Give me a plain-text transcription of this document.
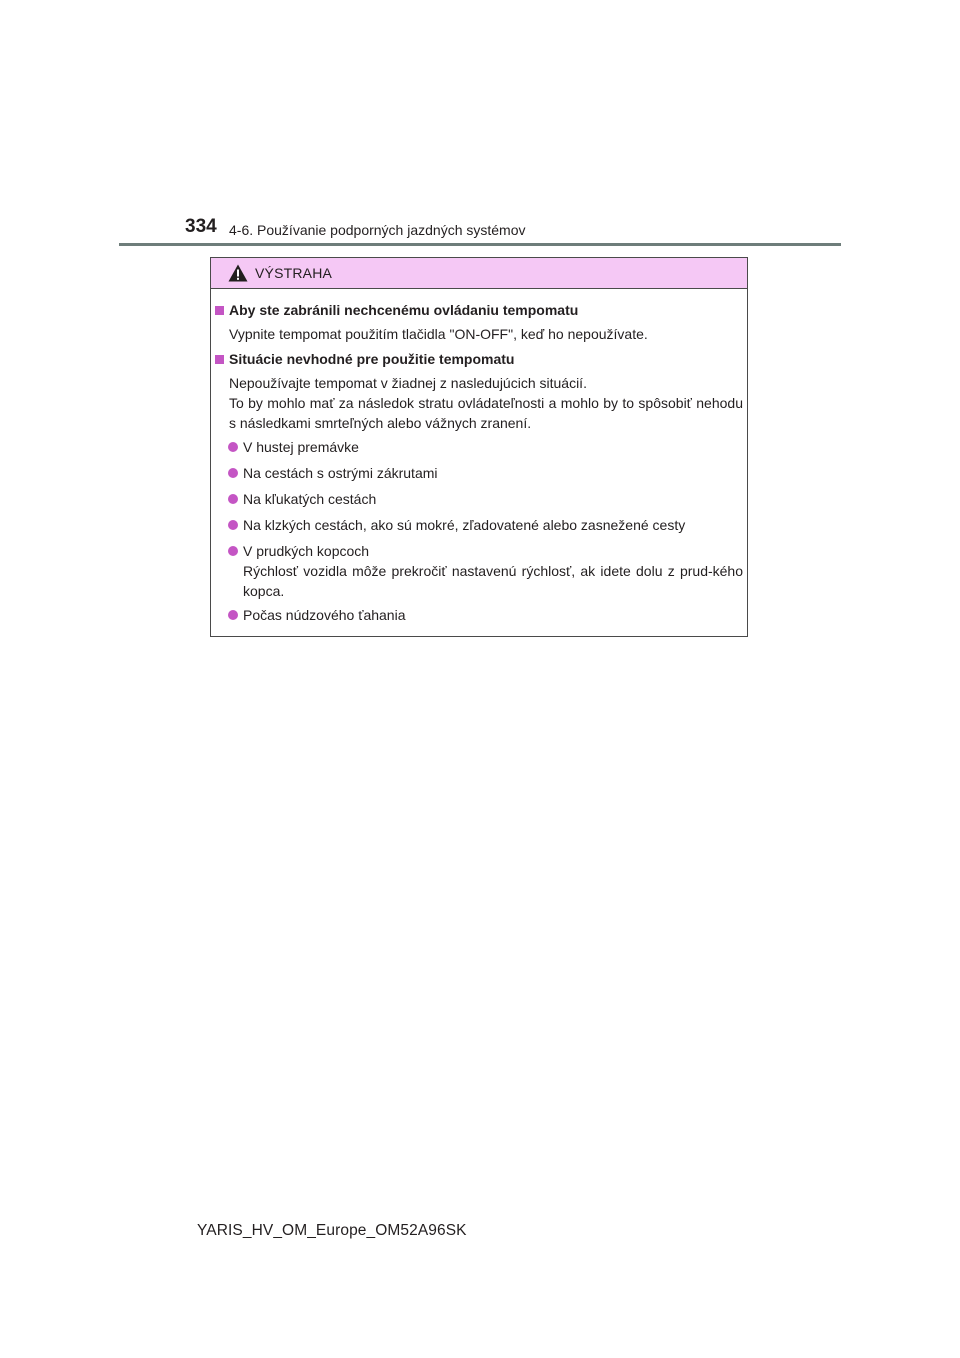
334 4-6. Používanie podporných jazdných systémov
VÝSTRAHA
Aby ste zabránili nechcenému ovládaniu tempomatu
Vypnite tempomat použitím tlačidla "ON-OFF", keď ho nepoužívate.
Situácie nevhodné pre použitie tempomatu
Nepoužívajte tempomat v žiadnej z nasledujúcich situácií.
To by mohlo mať za následok stratu ovládateľnosti a mohlo by to spôsobiť nehodu s následkami smrteľných alebo vážnych zranení.
V hustej premávke
Na cestách s ostrými zákrutami
Na kľukatých cestách
Na klzkých cestách, ako sú mokré, zľadovatené alebo zasnežené cesty
V prudkých kopcoch
Rýchlosť vozidla môže prekročiť nastavenú rýchlosť, ak idete dolu z prud-kého kopca.
Počas núdzového ťahania
YARIS_HV_OM_Europe_OM52A96SK
